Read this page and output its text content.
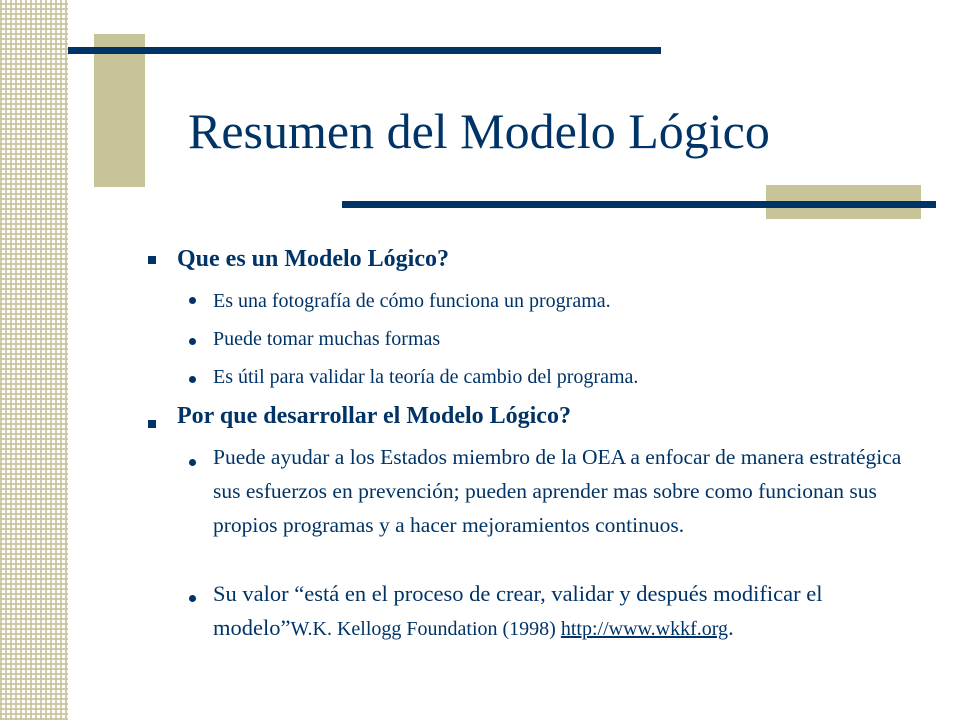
Resumen del Modelo Lógico

Que es un Modelo Lógico?

Es una fotografía de cómo funciona un programa.

Puede tomar muchas formas

Es útil para validar la teoría de cambio del programa.

Por que desarrollar el Modelo Lógico?

Puede ayudar a los Estados miembro de la OEA a enfocar de manera estratégica sus esfuerzos en prevención; pueden aprender mas sobre como funcionan sus propios programas y a hacer mejoramientos continuos.

Su valor “está en el proceso de crear, validar y después modificar el modelo”W.K. Kellogg Foundation (1998) http://www.wkkf.org.
